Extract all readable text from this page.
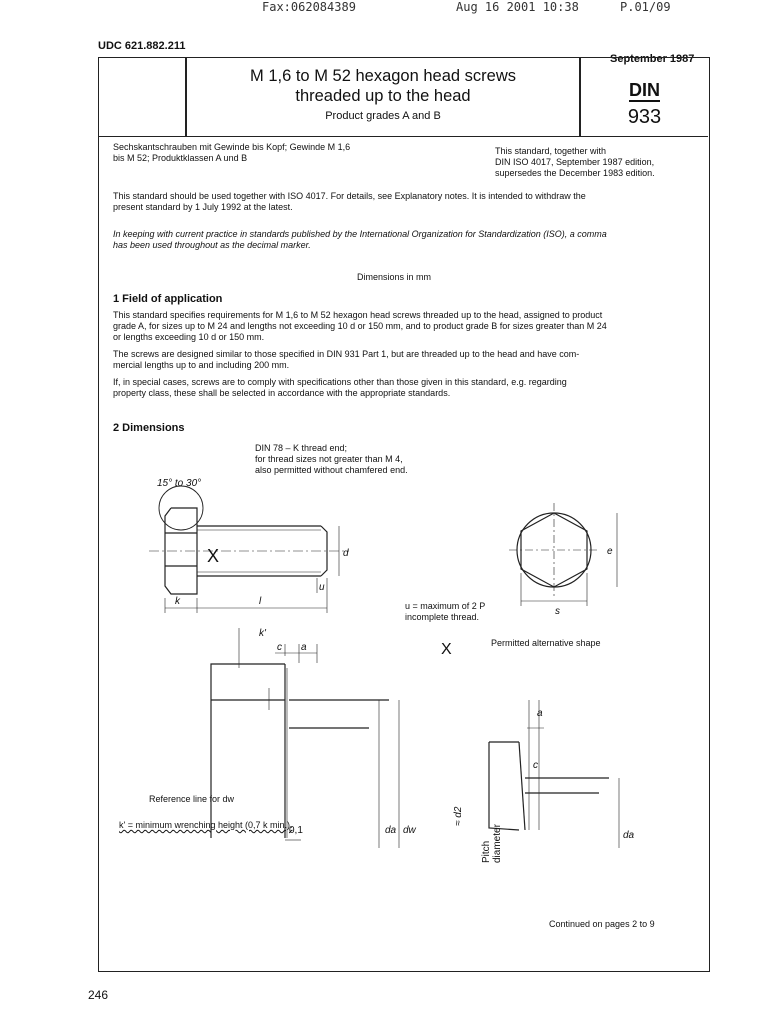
Fax:062084389	Aug 16 2001 10:38	P.01/09
UDC 621.882.211
September 1987
M 1,6 to M 52 hexagon head screws
threaded up to the head
Product grades A and B
DIN
933
Sechskantschrauben mit Gewinde bis Kopf; Gewinde M 1,6
bis M 52; Produktklassen A und B
This standard, together with
DIN ISO 4017, September 1987 edition,
supersedes the December 1983 edition.
This standard should be used together with ISO 4017. For details, see Explanatory notes. It is intended to withdraw the
present standard by 1 July 1992 at the latest.
In keeping with current practice in standards published by the International Organization for Standardization (ISO), a comma
has been used throughout as the decimal marker.
Dimensions in mm
1 Field of application
This standard specifies requirements for M 1,6 to M 52 hexagon head screws threaded up to the head, assigned to product
grade A, for sizes up to M 24 and lengths not exceeding 10 d or 150 mm, and to product grade B for sizes greater than M 24
or lengths exceeding 10 d or 150 mm.
The screws are designed similar to those specified in DIN 931 Part 1, but are threaded up to the head and have com-
mercial lengths up to and including 200 mm.
If, in special cases, screws are to comply with specifications other than those given in this standard, e.g. regarding
property class, these shall be selected in accordance with the appropriate standards.
2 Dimensions
DIN 78 – K thread end;
for thread sizes not greater than M 4,
also permitted without chamfered end.
u = maximum of 2 P
incomplete thread.
Permitted alternative shape
Reference line for dw
k' = minimum wrenching height (0,7 k min.).
15° to 30°
X	d
u
k	l
e
s
X
k'
c a
a
c
0,1	da dw
≈ d2
Pitch diameter	da
Continued on pages 2 to 9
246
